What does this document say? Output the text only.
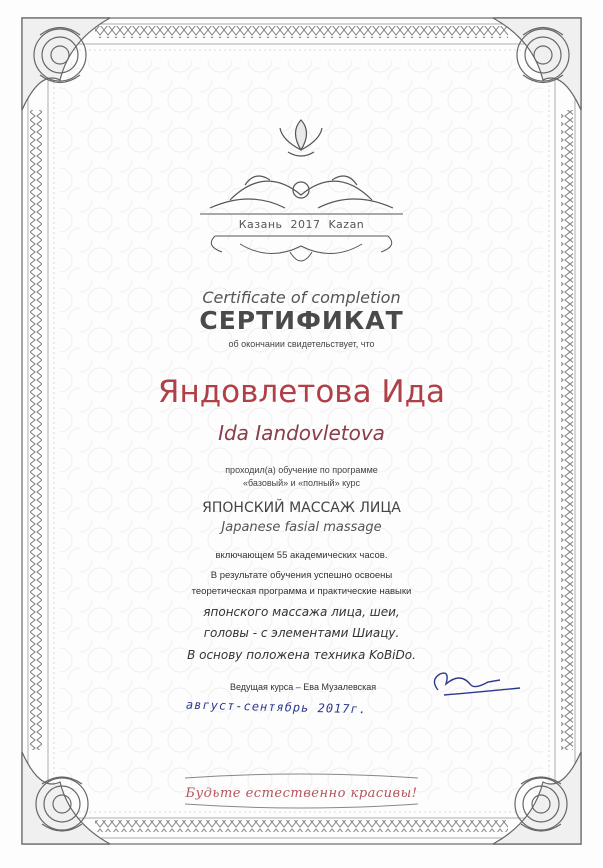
Казань 2017 Kazan
Certificate of completion
СЕРТИФИКАТ
об окончании свидетельствует, что
Яндовлетова Ида
Ida Iandovletova
проходил(а) обучение по программе
«базовый» и «полный» курс
ЯПОНСКИЙ МАССАЖ ЛИЦА
Japanese fasial massage
включающем 55 академических часов.
В результате обучения успешно освоены
теоретическая программа и практические навыки
японского массажа лица, шеи,
головы - с элементами Шиацу.
В основу положена техника KoBiDo.
Ведущая курса – Ева Музалевская
август-сентябрь 2017г.
Будьте естественно красивы!
